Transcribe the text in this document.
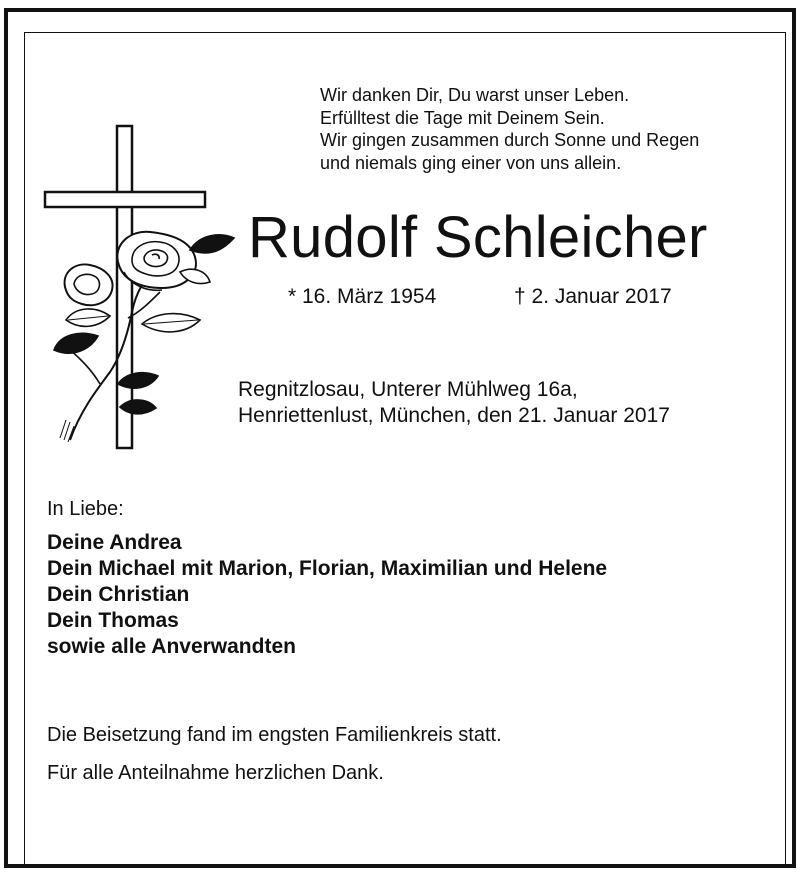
Wir danken Dir, Du warst unser Leben.
Erfülltest die Tage mit Deinem Sein.
Wir gingen zusammen durch Sonne und Regen
und niemals ging einer von uns allein.
Rudolf Schleicher
* 16. März 1954	† 2. Januar 2017
Regnitzlosau, Unterer Mühlweg 16a,
Henriettenlust, München, den 21. Januar 2017
In Liebe:
Deine Andrea
Dein Michael mit Marion, Florian, Maximilian und Helene
Dein Christian
Dein Thomas
sowie alle Anverwandten
Die Beisetzung fand im engsten Familienkreis statt.
Für alle Anteilnahme herzlichen Dank.
